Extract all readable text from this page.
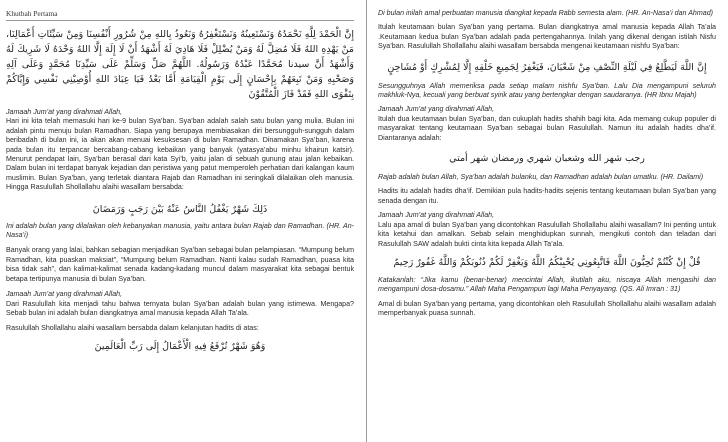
Khutbah Pertama

إِنَّ الْحَمْدَ لِلَّهِ نَحْمَدُهُ وَنَسْتَعِينُهُ وَنَسْتَغْفِرُهُ وَنَعُوذُ بِاللهِ مِنْ شُرُورِ أَنْفُسِنَا وَمِنْ سَيِّئَاتِ أَعْمَالِنَا، مَنْ يَهْدِهِ اللهُ فَلَا مُضِلَّ لَهُ وَمَنْ يُضْلِلْ فَلَا هَادِيَ لَهُ أَشْهَدُ أَنْ لَا إِلَهَ إِلَّا اللهُ وَحْدَهُ لَا شَرِيكَ لَهُ وَأَشْهَدُ أَنَّ سيدنا مُحَمَّدًا عَبْدُهُ وَرَسُولُهُ. اللَّهُمَّ صَلِّ وَسَلِّمْ عَلَى سَيِّدِنَا مُحَمَّدٍ وَعَلَى آلِهِ وَصَحْبِهِ وَمَنْ تَبِعَهُمْ بِإِحْسَانٍ إِلَى يَوْمِ الْقِيَامَةِ أَمَّا بَعْدُ فَيَا عِبَادَ اللهِ أُوْصِيْنِي نَفْسِي وَإِيَّاكُمْ بِتَقْوَى اللهِ فَقَدْ فَازَ الْمُتَّقُوْنَ

Jamaah Jum’at yang dirahmati Allah,

Hari ini kita telah memasuki hari ke-9 bulan Sya’ban. Sya’ban adalah salah satu bulan yang mulia. Bulan ini adalah pintu menuju bulan Ramadhan. Siapa yang berupaya membiasakan diri bersungguh-sungguh dalam beribadah di bulan ini, ia akan akan menuai kesuksesan di bulan Ramadhan. Dinamakan Sya’ban, karena pada bulan itu terpancar bercabang-cabang kebaikan yang banyak (yatasya’abu minhu khairun katsir). Menurut pendapat lain, Sya’ban berasal dari kata Syi’b, yaitu jalan di sebuah gunung atau jalan kebaikan. Dalam bulan ini terdapat banyak kejadian dan peristiwa yang patut memperoleh perhatian dari kalangan kaum muslimin. Bulan Sya’ban, yang terletak diantara Rajab dan Ramadhan ini seringkali dilalaikan oleh manusia. Hingga Rasulullah Shollallahu alaihi wasallam bersabda:

ذَلِكَ شَهْرٌ يَغْفُلُ النَّاسُ عَنْهُ بَيْنَ رَجَبٍ وَرَمَضَانَ

Ini adalah bulan yang dilalaikan oleh kebanyakan manusia, yaitu antara bulan Rajab dan Ramadhan. (HR. An-Nasa’i)

Banyak orang yang lalai, bahkan sebagian menjadikan Sya’ban sebagai bulan pelampiasan. “Mumpung belum Ramadhan, kita puaskan maksiat”, “Mumpung belum Ramadhan. Nanti kalau sudah Ramadhan, puasa kita bisa tidak sah”, dan kalimat-kalimat senada kadang-kadang muncul dalam masyarakat kita sebagai bentuk betapa tertipunya manusia di bulan Sya’ban.

Jamaah Jum’at yang dirahmati Allah,

Dari Rasulullah kita menjadi tahu bahwa ternyata bulan Sya’ban adalah bulan yang istimewa. Mengapa? Sebab bulan ini adalah bulan diangkatnya amal manusia kepada Allah Ta’ala.

Rasulullah Shollallahu alaihi wasallam bersabda dalam kelanjutan hadits di atas:

وَهُوَ شَهْرٌ تُرْفَعُ فِيهِ الْأَعْمَالُ إِلَى رَبِّ الْعَالَمِينَ

Di bulan inilah amal perbuatan manusia diangkat kepada Rabb semesta alam. (HR. An-Nasa’i dan Ahmad)

Itulah keutamaan bulan Sya’ban yang pertama. Bulan diangkatnya amal manusia kepada Allah Ta’ala .Keutamaan kedua bulan Sya’ban adalah pada pertengahannya. Inilah yang dikenal dengan istilah Nisfu Sya’ban. Rasulullah Shollallahu alaihi wasallam bersabda mengenai keutamaan nishfu Sya’ban:

إِنَّ اللَّهَ لَيَطَّلِعُ فِي لَيْلَةِ النِّصْفِ مِنْ شَعْبَانَ، فَيَغْفِرُ لِجَمِيعِ خَلْقِهِ إِلَّا لِمُشْرِكٍ أَوْ مُشَاحِنٍ

Sesungguhnya Allah memeriksa pada setiap malam nishfu Sya’ban. Lalu Dia mengampuni seluruh makhluk-Nya, kecuali yang berbuat syirik atau yang bertengkar dengan saudaranya. (HR Ibnu Majah)

Jamaah Jum’at yang dirahmati Allah,

Itulah dua keutamaan bulan Sya’ban, dan cukuplah hadits shahih bagi kita. Ada memang cukup populer di masyarakat tentang keutamaan Sya’ban sebagai bulan Rasulullah. Namun itu adalah hadits dha’if. Diantaranya adalah:

رجب شهر الله وشعبان شهري ورمضان شهر أمتي

Rajab adalah bulan Allah, Sya’ban adalah bulanku, dan Ramadhan adalah bulan umatku. (HR. Dailami)

Hadits itu adalah hadits dha’if. Demikian pula hadits-hadits sejenis tentang keutamaan bulan Sya’ban yang senada dengan itu.

Jamaah Jum’at yang dirahmati Allah,

Lalu apa amal di bulan Sya’ban yang dicontohkan Rasulullah Shollallahu alaihi wasallam? Ini penting untuk kita ketahui dan amalkan. Sebab selain menghidupkan sunnah, mengikuti contoh dan teladan dari Rasulullah SAW adalah bukti cinta kita kepada Allah Ta’ala.

قُلْ إِنْ كُنْتُمْ تُحِبُّونَ اللَّهَ فَاتَّبِعُونِي يُحْبِبْكُمُ اللَّهُ وَيَغْفِرْ لَكُمْ ذُنُوبَكُمْ وَاللَّهُ غَفُورٌ رَحِيمٌ

Katakanlah: “Jika kamu (benar-benar) mencintai Allah, ikutilah aku, niscaya Allah mengasihi dan mengampuni dosa-dosamu.” Allah Maha Pengampun lagi Maha Penyayang. (QS. Ali Imran : 31)

Amal di bulan Sya’ban yang pertama, yang dicontohkan oleh Rasulullah Shollallahu alaihi wasallam adalah memperbanyak puasa sunnah.
